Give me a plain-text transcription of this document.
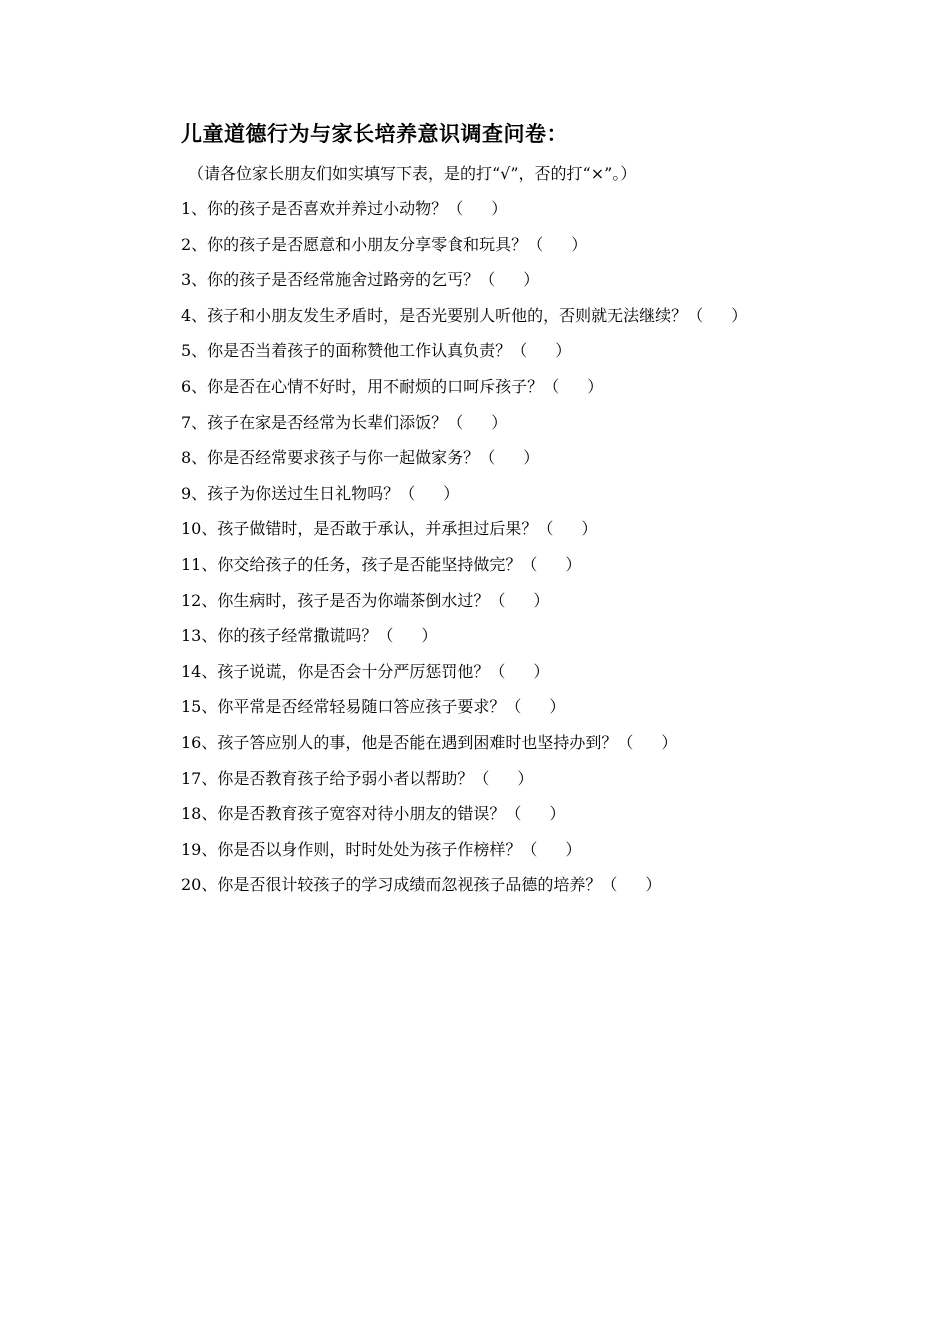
儿童道德行为与家长培养意识调查问卷：
（请各位家长朋友们如实填写下表，是的打“√”，否的打“×”。）
1、你的孩子是否喜欢并养过小动物？（ ）
2、你的孩子是否愿意和小朋友分享零食和玩具？（ ）
3、你的孩子是否经常施舍过路旁的乞丐？（ ）
4、孩子和小朋友发生矛盾时，是否光要别人听他的，否则就无法继续？（ ）
5、你是否当着孩子的面称赞他工作认真负责？（ ）
6、你是否在心情不好时，用不耐烦的口呵斥孩子？（ ）
7、孩子在家是否经常为长辈们添饭？（ ）
8、你是否经常要求孩子与你一起做家务？（ ）
9、孩子为你送过生日礼物吗？（ ）
10、孩子做错时，是否敢于承认，并承担过后果？（ ）
11、你交给孩子的任务，孩子是否能坚持做完？（ ）
12、你生病时，孩子是否为你端茶倒水过？（ ）
13、你的孩子经常撒谎吗？（ ）
14、孩子说谎，你是否会十分严厉惩罚他？（ ）
15、你平常是否经常轻易随口答应孩子要求？（ ）
16、孩子答应别人的事，他是否能在遇到困难时也坚持办到？（ ）
17、你是否教育孩子给予弱小者以帮助？（ ）
18、你是否教育孩子宽容对待小朋友的错误？（ ）
19、你是否以身作则，时时处处为孩子作榜样？（ ）
20、你是否很计较孩子的学习成绩而忽视孩子品德的培养？（ ）
